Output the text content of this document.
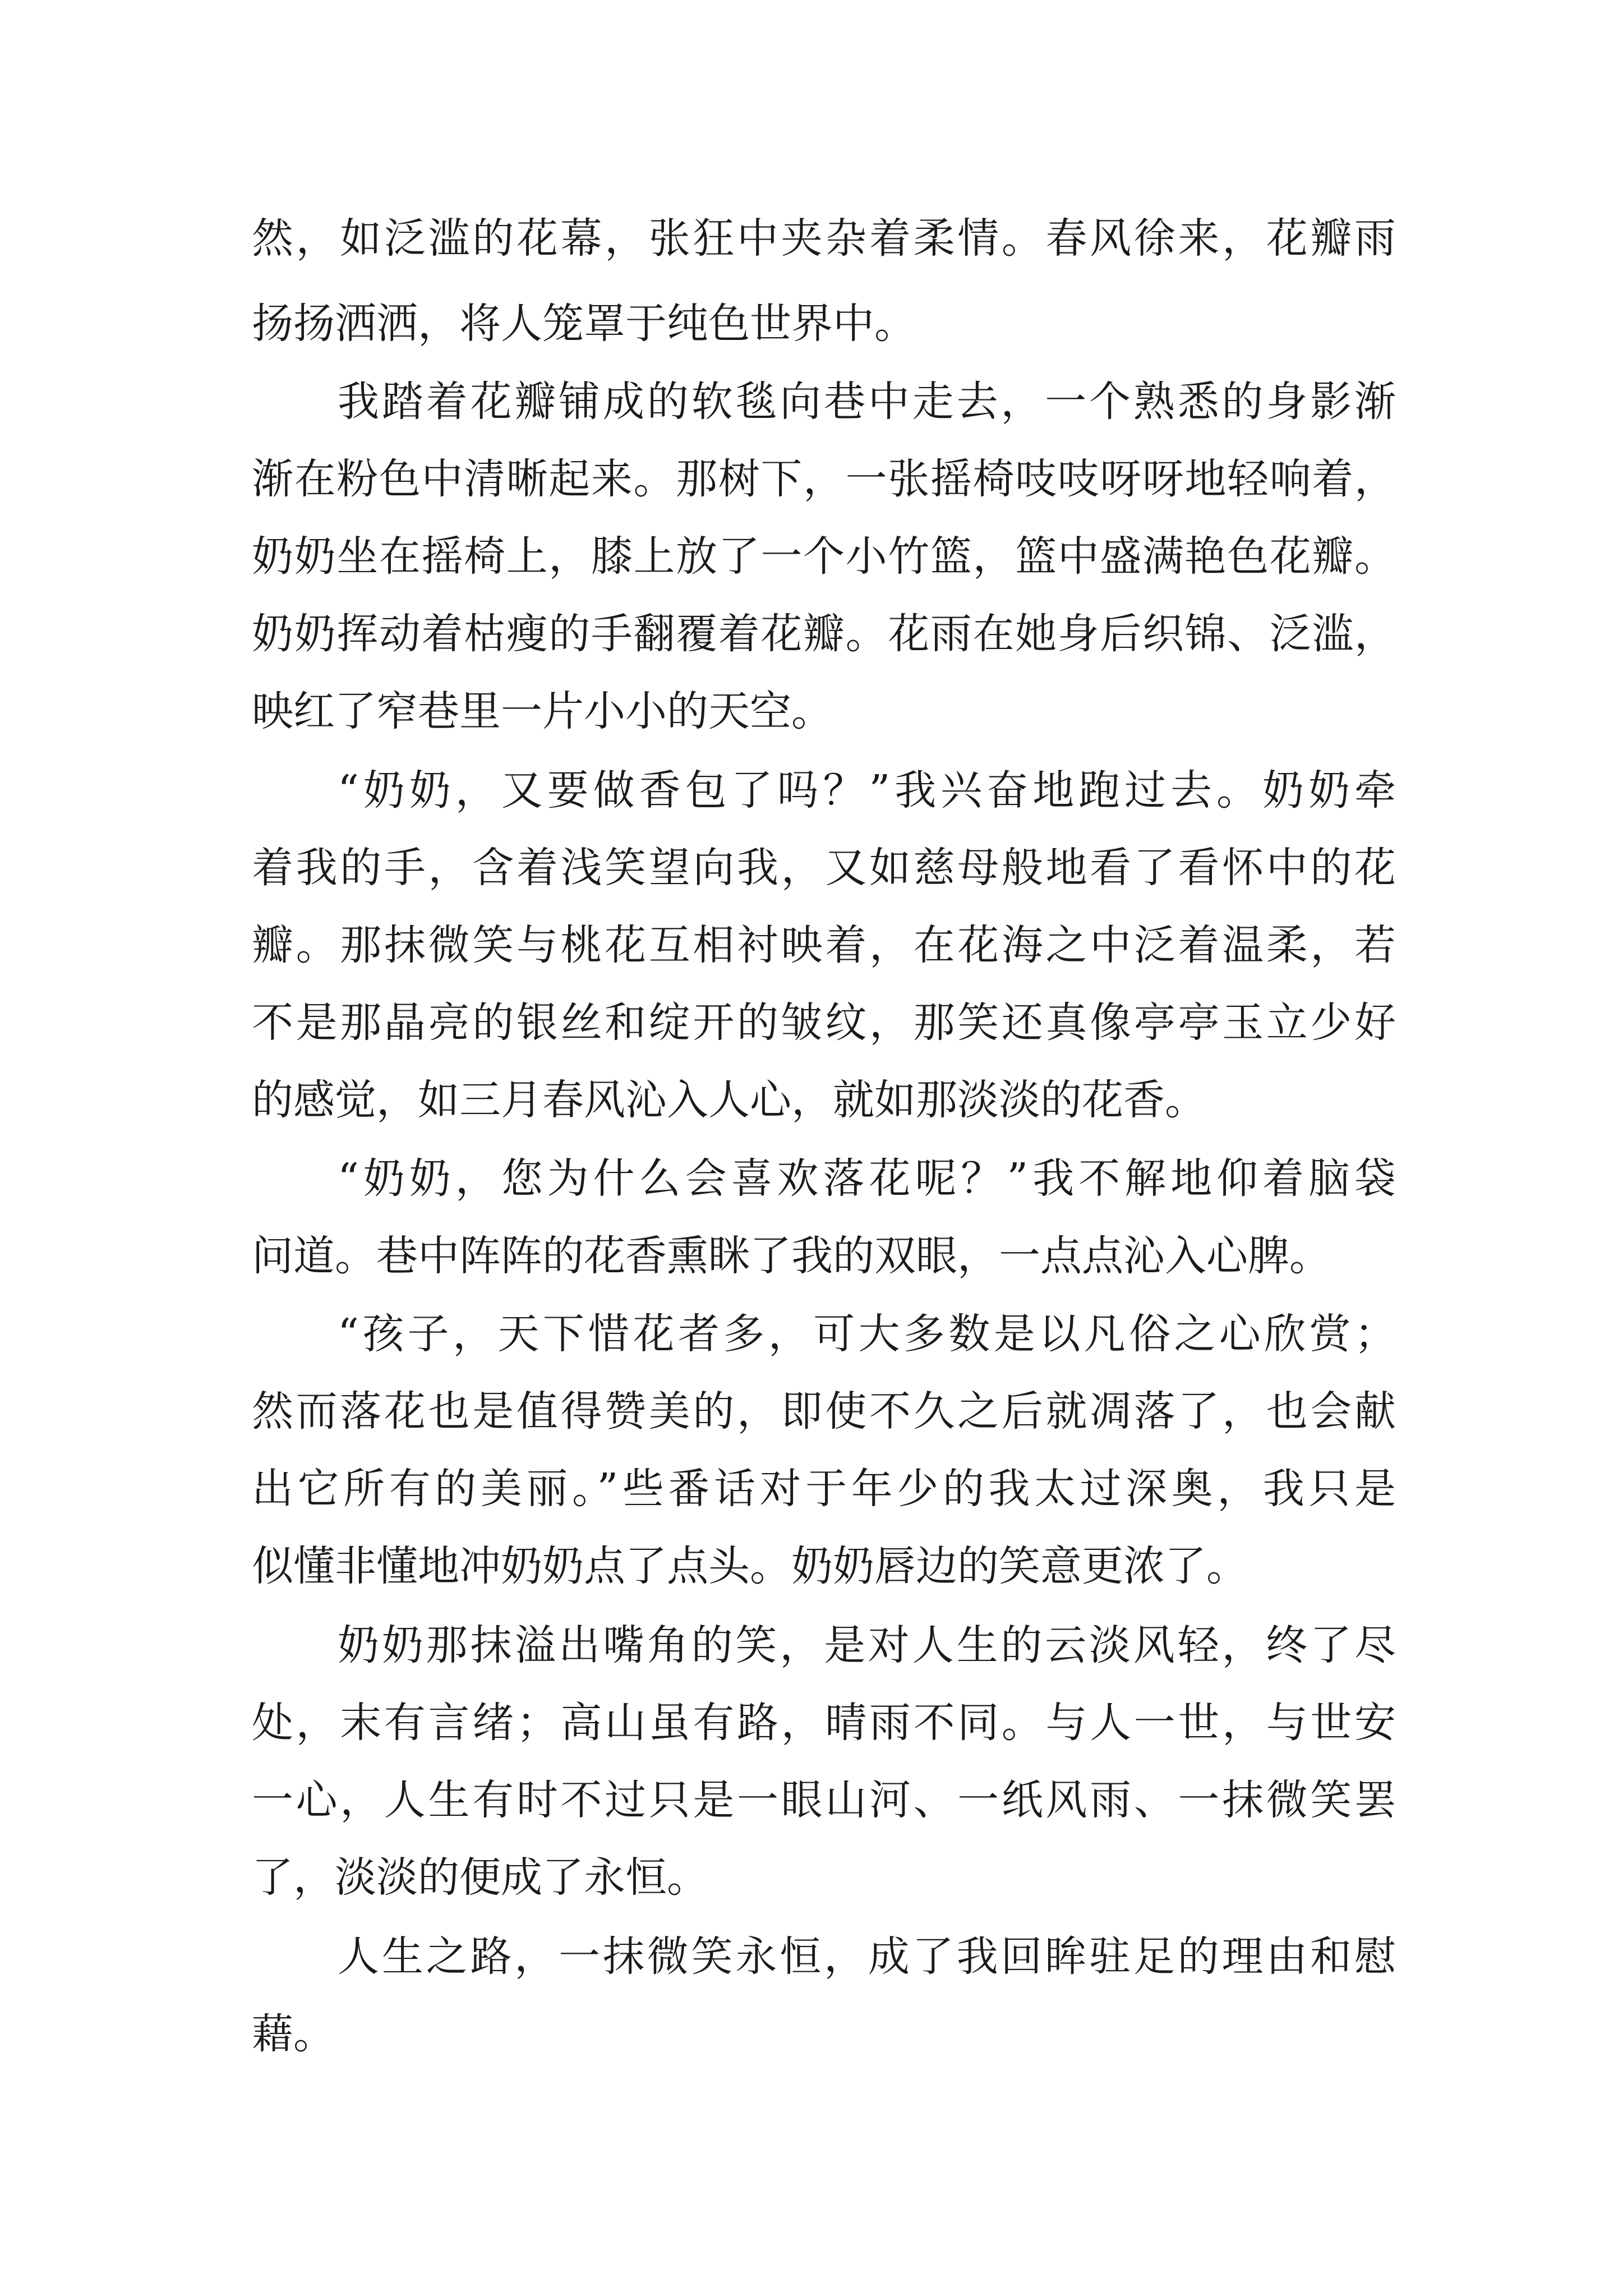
然，如泛滥的花幕，张狂中夹杂着柔情。春风徐来，花瓣雨

扬扬洒洒，将人笼罩于纯色世界中。

我踏着花瓣铺成的软毯向巷中走去，一个熟悉的身影渐

渐在粉色中清晰起来。那树下，一张摇椅吱吱呀呀地轻响着，

奶奶坐在摇椅上，膝上放了一个小竹篮，篮中盛满艳色花瓣。

奶奶挥动着枯瘦的手翻覆着花瓣。花雨在她身后织锦、泛滥，

映红了窄巷里一片小小的天空。

“奶奶，又要做香包了吗？”我兴奋地跑过去。奶奶牵

着我的手，含着浅笑望向我，又如慈母般地看了看怀中的花

瓣。那抹微笑与桃花互相衬映着，在花海之中泛着温柔，若

不是那晶亮的银丝和绽开的皱纹，那笑还真像亭亭玉立少好

的感觉，如三月春风沁入人心，就如那淡淡的花香。

“奶奶，您为什么会喜欢落花呢？”我不解地仰着脑袋

问道。巷中阵阵的花香熏眯了我的双眼，一点点沁入心脾。

“孩子，天下惜花者多，可大多数是以凡俗之心欣赏；

然而落花也是值得赞美的，即使不久之后就凋落了，也会献

出它所有的美丽。”些番话对于年少的我太过深奥，我只是

似懂非懂地冲奶奶点了点头。奶奶唇边的笑意更浓了。

奶奶那抹溢出嘴角的笑，是对人生的云淡风轻，终了尽

处，末有言绪；高山虽有路，晴雨不同。与人一世，与世安

一心，人生有时不过只是一眼山河、一纸风雨、一抹微笑罢

了，淡淡的便成了永恒。

人生之路，一抹微笑永恒，成了我回眸驻足的理由和慰

藉。
